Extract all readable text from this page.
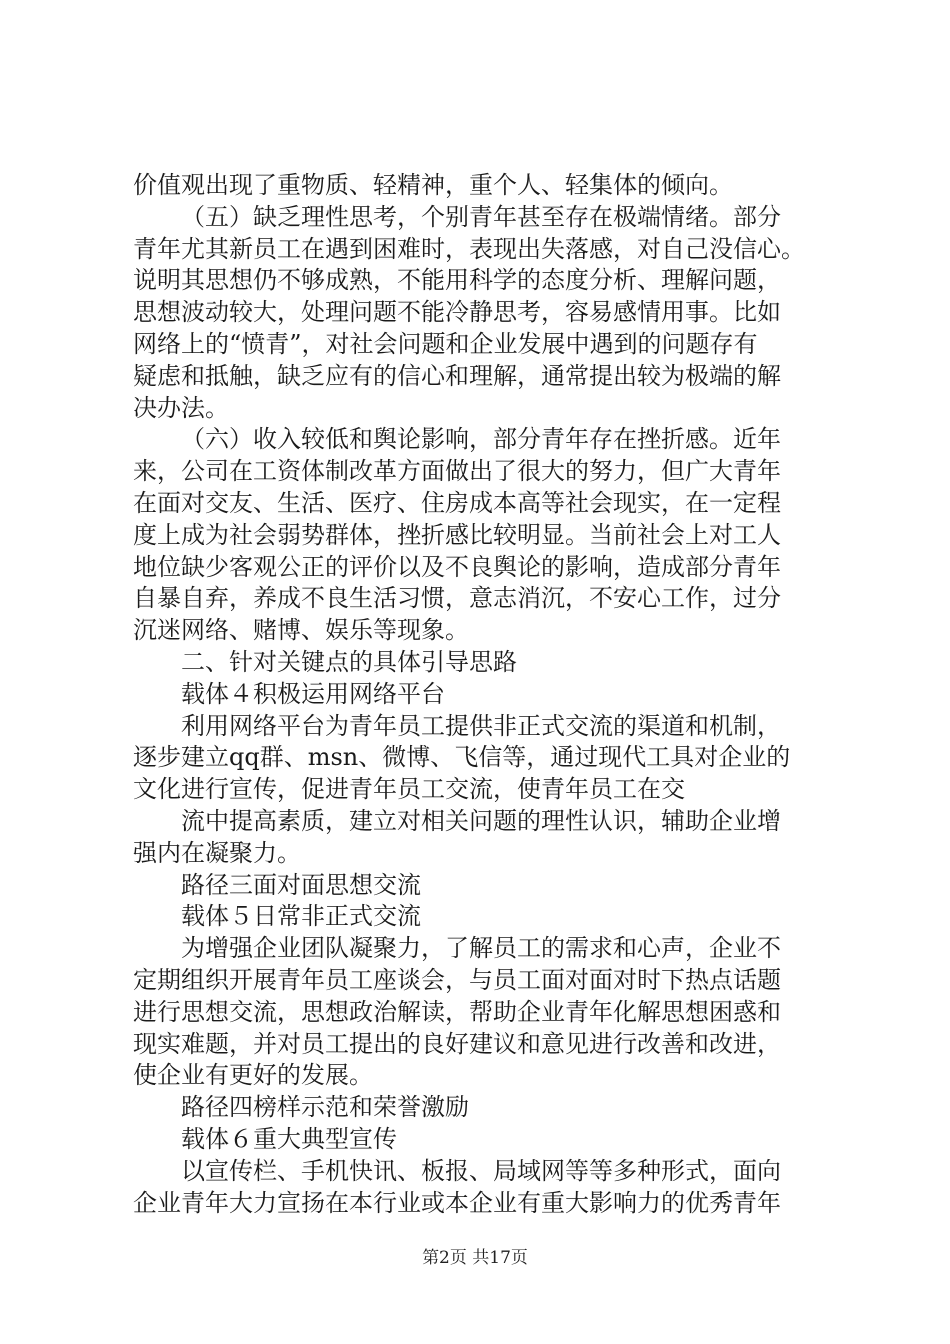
价值观出现了重物质、轻精神，重个人、轻集体的倾向。
（五）缺乏理性思考，个别青年甚至存在极端情绪。部分
青年尤其新员工在遇到困难时，表现出失落感，对自己没信心。
说明其思想仍不够成熟，不能用科学的态度分析、理解问题，
思想波动较大，处理问题不能冷静思考，容易感情用事。比如
网络上的“愤青”，对社会问题和企业发展中遇到的问题存有
疑虑和抵触，缺乏应有的信心和理解，通常提出较为极端的解
决办法。
（六）收入较低和舆论影响，部分青年存在挫折感。近年
来，公司在工资体制改革方面做出了很大的努力，但广大青年
在面对交友、生活、医疗、住房成本高等社会现实，在一定程
度上成为社会弱势群体，挫折感比较明显。当前社会上对工人
地位缺少客观公正的评价以及不良舆论的影响，造成部分青年
自暴自弃，养成不良生活习惯，意志消沉，不安心工作，过分
沉迷网络、赌博、娱乐等现象。
二、针对关键点的具体引导思路
载体４积极运用网络平台
利用网络平台为青年员工提供非正式交流的渠道和机制，
逐步建立qq群、msn、微博、飞信等，通过现代工具对企业的
文化进行宣传，促进青年员工交流，使青年员工在交
流中提高素质，建立对相关问题的理性认识，辅助企业增
强内在凝聚力。
路径三面对面思想交流
载体５日常非正式交流
为增强企业团队凝聚力，了解员工的需求和心声，企业不
定期组织开展青年员工座谈会，与员工面对面对时下热点话题
进行思想交流，思想政治解读，帮助企业青年化解思想困惑和
现实难题，并对员工提出的良好建议和意见进行改善和改进，
使企业有更好的发展。
路径四榜样示范和荣誉激励
载体６重大典型宣传
以宣传栏、手机快讯、板报、局域网等等多种形式，面向
企业青年大力宣扬在本行业或本企业有重大影响力的优秀青年
第2页 共17页
